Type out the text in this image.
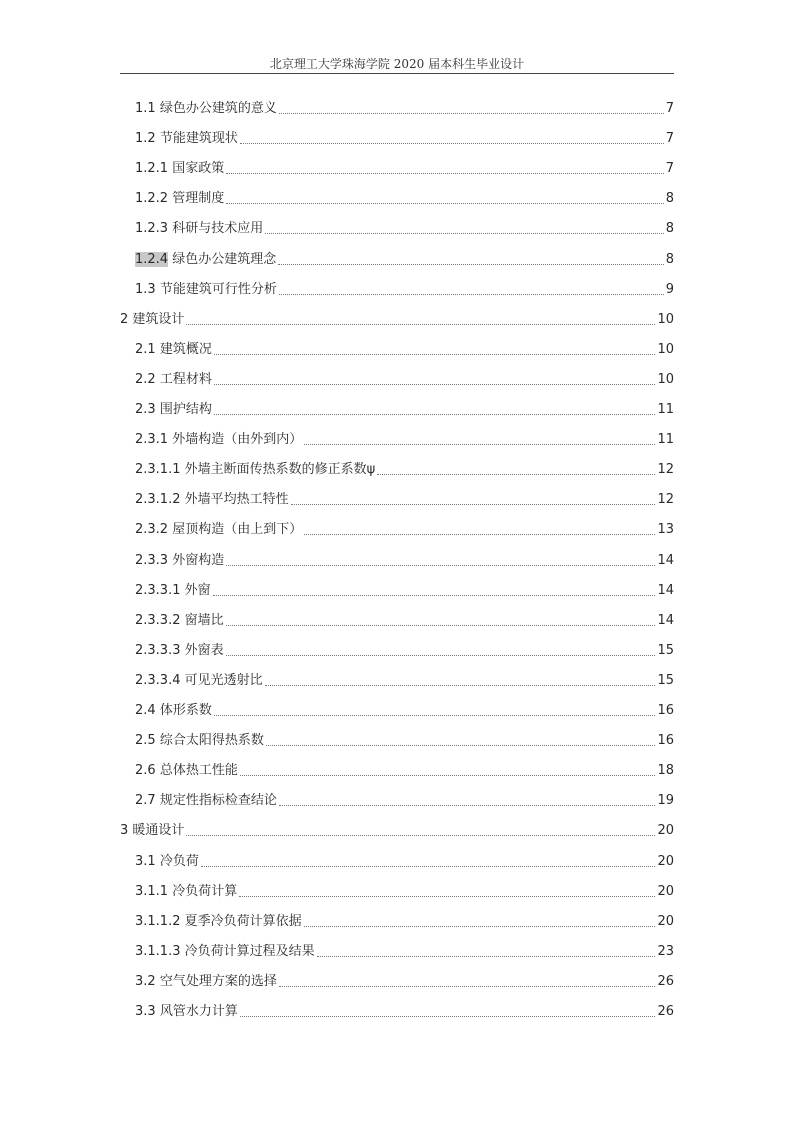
北京理工大学珠海学院 2020 届本科生毕业设计
1.1 绿色办公建筑的意义	7
1.2 节能建筑现状	7
1.2.1 国家政策	7
1.2.2 管理制度	8
1.2.3 科研与技术应用	8
1.2.4 绿色办公建筑理念	8
1.3 节能建筑可行性分析	9
2 建筑设计	10
2.1 建筑概况	10
2.2 工程材料	10
2.3 围护结构	11
2.3.1 外墙构造（由外到内）	11
2.3.1.1 外墙主断面传热系数的修正系数ψ	12
2.3.1.2 外墙平均热工特性	12
2.3.2 屋顶构造（由上到下）	13
2.3.3 外窗构造	14
2.3.3.1 外窗	14
2.3.3.2 窗墙比	14
2.3.3.3 外窗表	15
2.3.3.4 可见光透射比	15
2.4 体形系数	16
2.5 综合太阳得热系数	16
2.6 总体热工性能	18
2.7 规定性指标检查结论	19
3 暖通设计	20
3.1 冷负荷	20
3.1.1 冷负荷计算	20
3.1.1.2 夏季冷负荷计算依据	20
3.1.1.3 冷负荷计算过程及结果	23
3.2 空气处理方案的选择	26
3.3 风管水力计算	26
